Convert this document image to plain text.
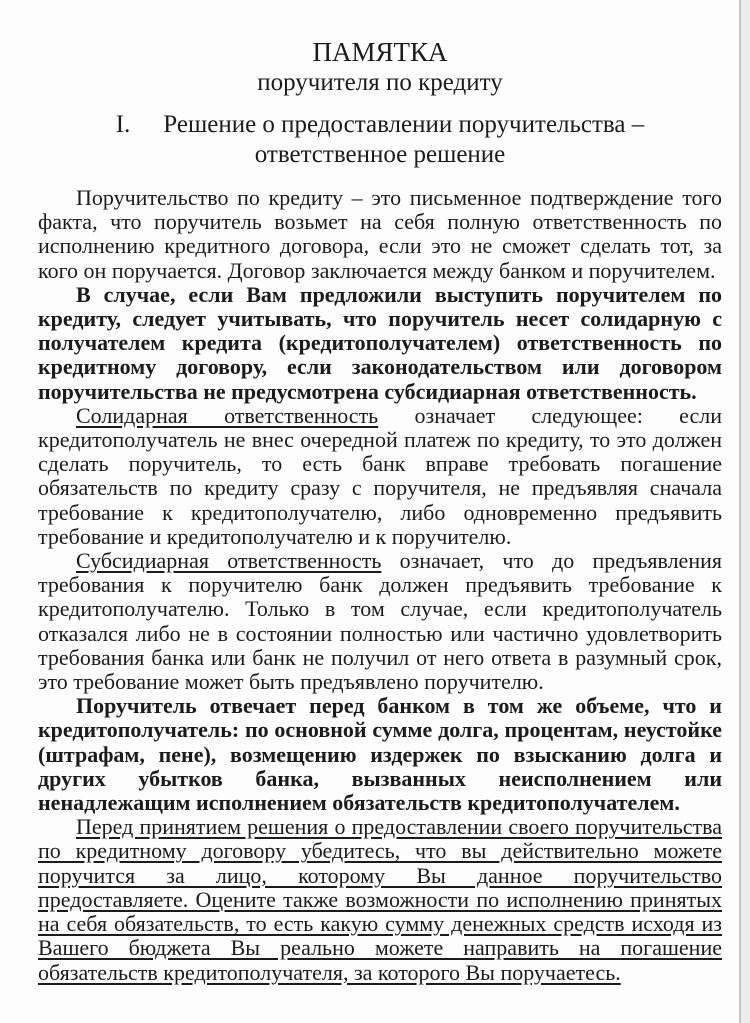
ПАМЯТКА
поручителя по кредиту
I. Решение о предоставлении поручительства –
ответственное решение

Поручительство по кредиту – это письменное подтверждение того факта, что поручитель возьмет на себя полную ответственность по исполнению кредитного договора, если это не сможет сделать тот, за кого он поручается. Договор заключается между банком и поручителем.

В случае, если Вам предложили выступить поручителем по кредиту, следует учитывать, что поручитель несет солидарную с получателем кредита (кредитополучателем) ответственность по кредитному договору, если законодательством или договором поручительства не предусмотрена субсидиарная ответственность.

Солидарная ответственность означает следующее: если кредитополучатель не внес очередной платеж по кредиту, то это должен сделать поручитель, то есть банк вправе требовать погашение обязательств по кредиту сразу с поручителя, не предъявляя сначала требование к кредитополучателю, либо одновременно предъявить требование и кредитополучателю и к поручителю.

Субсидиарная ответственность означает, что до предъявления требования к поручителю банк должен предъявить требование к кредитополучателю. Только в том случае, если кредитополучатель отказался либо не в состоянии полностью или частично удовлетворить требования банка или банк не получил от него ответа в разумный срок, это требование может быть предъявлено поручителю.

Поручитель отвечает перед банком в том же объеме, что и кредитополучатель: по основной сумме долга, процентам, неустойке (штрафам, пене), возмещению издержек по взысканию долга и других убытков банка, вызванных неисполнением или ненадлежащим исполнением обязательств кредитополучателем.

Перед принятием решения о предоставлении своего поручительства по кредитному договору убедитесь, что вы действительно можете поручится за лицо, которому Вы данное поручительство предоставляете. Оцените также возможности по исполнению принятых на себя обязательств, то есть какую сумму денежных средств исходя из Вашего бюджета Вы реально можете направить на погашение обязательств кредитополучателя, за которого Вы поручаетесь.
